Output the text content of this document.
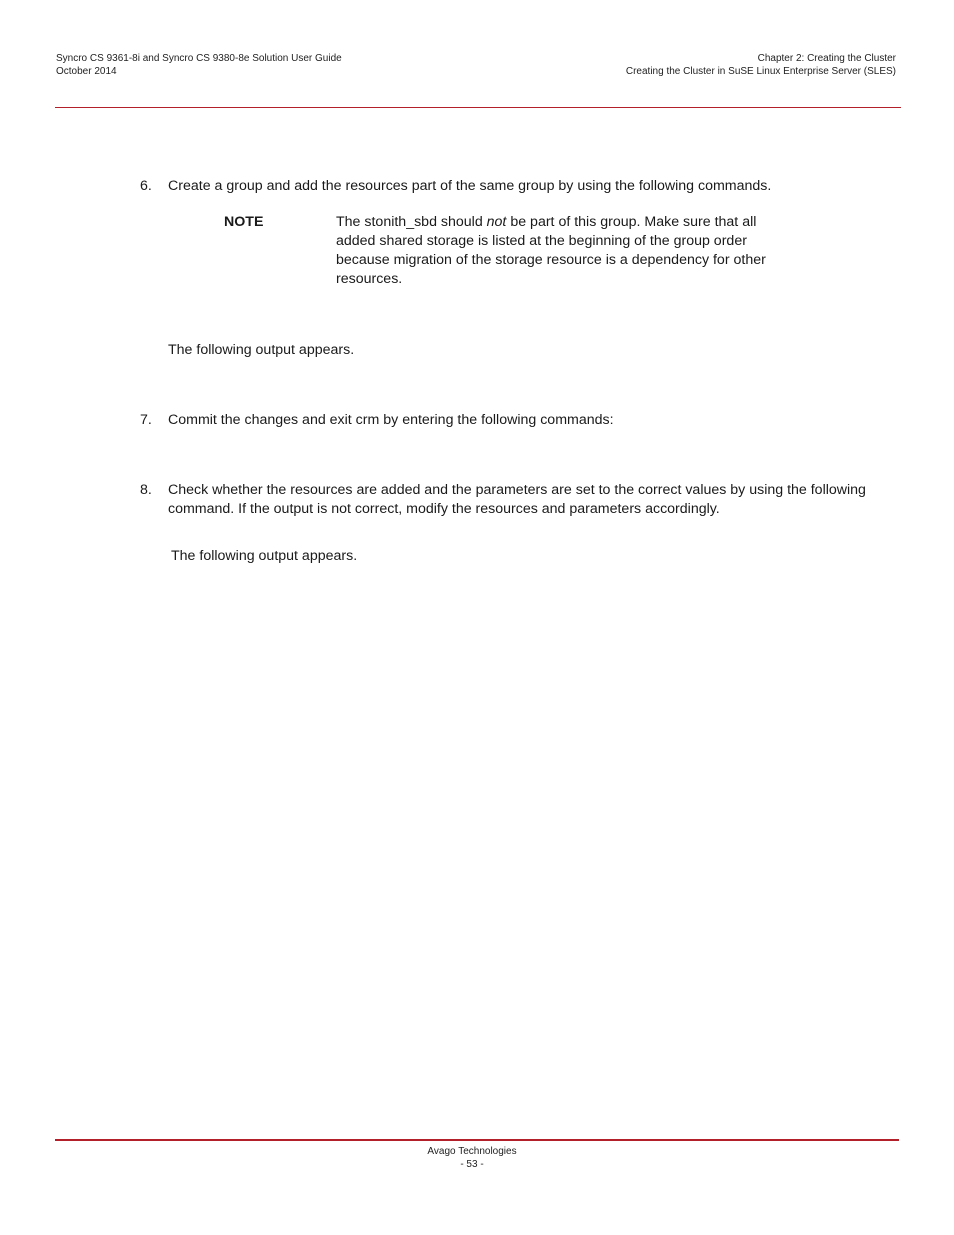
Syncro CS 9361-8i and Syncro CS 9380-8e Solution User Guide
October 2014
Chapter 2: Creating the Cluster
Creating the Cluster in SuSE Linux Enterprise Server (SLES)
6. Create a group and add the resources part of the same group by using the following commands.
NOTE	The stonith_sbd should not be part of this group. Make sure that all added shared storage is listed at the beginning of the group order because migration of the storage resource is a dependency for other resources.
The following output appears.
7. Commit the changes and exit crm by entering the following commands:
8. Check whether the resources are added and the parameters are set to the correct values by using the following command. If the output is not correct, modify the resources and parameters accordingly.
The following output appears.
Avago Technologies
- 53 -
